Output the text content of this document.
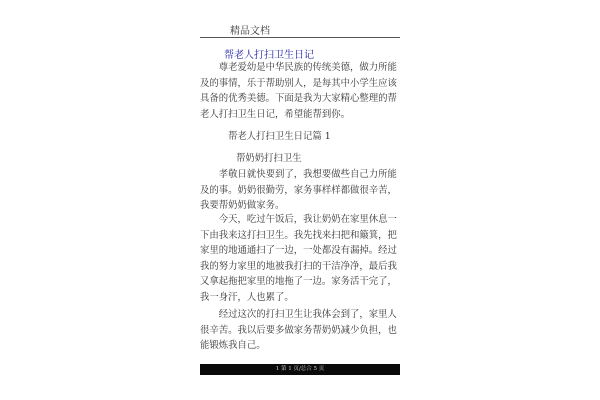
精品文档
帮老人打扫卫生日记

尊老爱幼是中华民族的传统美德，做力所能及的事情，乐于帮助别人，是每其中小学生应该具备的优秀美德。下面是我为大家精心整理的帮老人打扫卫生日记，希望能帮到你。

帮老人打扫卫生日记篇 1
帮奶奶打扫卫生

孝敬日就快要到了，我想要做些自己力所能及的事。奶奶很勤劳，家务事样样都做很辛苦，我要帮奶奶做家务。

今天，吃过午饭后，我让奶奶在家里休息一下由我来这打扫卫生。我先找来扫把和簸箕，把家里的地通通扫了一边，一处都没有漏掉。经过我的努力家里的地被我打扫的干洁净净，最后我又拿起拖把家里的地拖了一边。家务活干完了，我一身汗，人也累了。

经过这次的打扫卫生让我体会到了，家里人很辛苦。我以后要多做家务帮奶奶减少负担，也能锻炼我自己。

1 第 1 页/总合 5 页
